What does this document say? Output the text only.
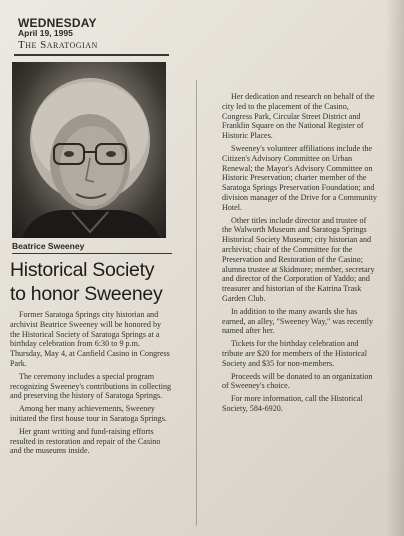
WEDNESDAY
April 19, 1995
The Saratogian
Beatrice Sweeney
Historical Society
to honor Sweeney

Former Saratoga Springs city historian and archivist Beatrice Sweeney will be honored by the Historical Society of Saratoga Springs at a birthday celebration from 6:30 to 9 p.m. Thursday, May 4, at Canfield Casino in Congress Park.

The ceremony includes a special program recognizing Sweeney's contributions in collecting and preserving the history of Saratoga Springs.

Among her many achievements, Sweeney initiated the first house tour in Saratoga Springs.

Her grant writing and fund-raising efforts resulted in restoration and repair of the Casino and the museums inside.

Her dedication and research on behalf of the city led to the placement of the Casino, Congress Park, Circular Street District and Franklin Square on the National Register of Historic Places.

Sweeney's volunteer affiliations include the Citizen's Advisory Committee on Urban Renewal; the Mayor's Advisory Committee on Historic Preservation; charter member of the Saratoga Springs Preservation Foundation; and division manager of the Drive for a Community Hotel.

Other titles include director and trustee of the Walworth Museum and Saratoga Springs Historical Society Museum; city historian and archivist; chair of the Committee for the Preservation and Restoration of the Casino; alumna trustee at Skidmore; member, secretary and director of the Corporation of Yaddo; and treasurer and historian of the Katrina Trask Garden Club.

In addition to the many awards she has earned, an alley, "Sweeney Way," was recently named after her.

Tickets for the birthday celebration and tribute are $20 for members of the Historical Society and $35 for non-members.

Proceeds will be donated to an organization of Sweeney's choice.

For more information, call the Historical Society, 584-6920.
